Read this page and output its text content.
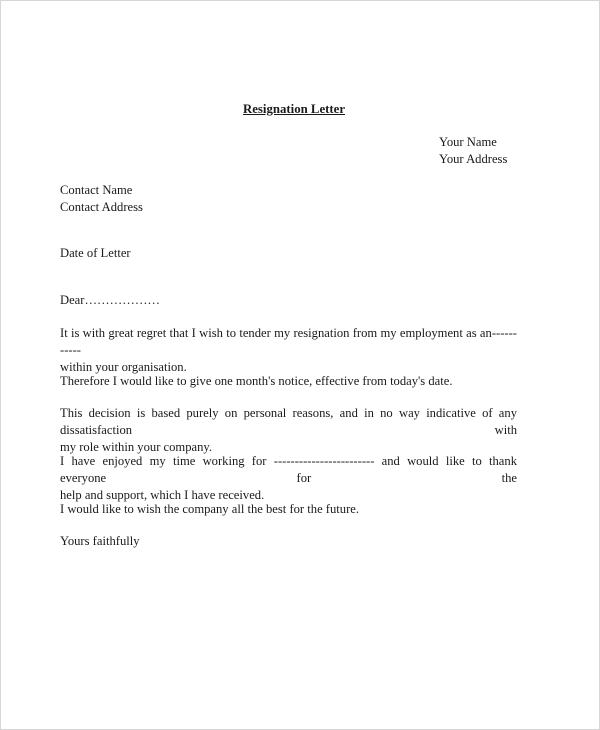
Resignation Letter
Your Name
Your Address
Contact Name
Contact Address
Date of Letter
Dear………………
It is with great regret that I wish to tender my resignation from my employment as an-----------
within your organisation.
Therefore I would like to give one month's notice, effective from today's date.
This decision is based purely on personal reasons, and in no way indicative of any dissatisfaction with
my role within your company.
I have enjoyed my time working for ------------------------ and would like to thank everyone for the
help and support, which I have received.
I would like to wish the company all the best for the future.
Yours faithfully
